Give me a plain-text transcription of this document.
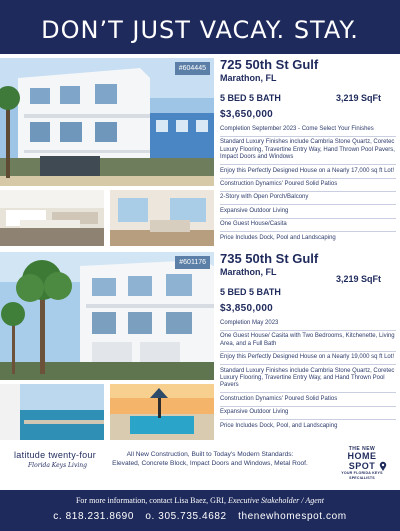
DON’T JUST VACAY. STAY.
#604445	725 50th St Gulf
Marathon, FL
5 BED 5 BATH	3,219 SqFt
$3,650,000
Completion September 2023 - Come Select Your Finishes
Standard Luxury Finishes include Cambria Stone Quartz, Coretec Luxury Flooring, Travertine Entry Way, Hand Thrown Pool Pavers, Impact Doors and Windows
Enjoy this Perfectly Designed House on a Nearly 17,000 sq ft Lot!
Construction Dynamics' Poured Solid Patios
2-Story with Open Porch/Balcony
Expansive Outdoor Living
One Guest House/Casita
Price Includes Dock, Pool and Landscaping
#601176	735 50th St Gulf
Marathon, FL
5 BED 5 BATH
3,219 SqFt
$3,850,000
Completion May 2023
One Guest House/ Casita with Two Bedrooms, Kitchenette, Living Area, and a Full Bath
Enjoy this Perfectly Designed House on a Nearly 19,000 sq ft Lot!
Standard Luxury Finishes include Cambria Stone Quartz, Coretec Luxury Flooring, Travertine Entry Way, and Hand Thrown Pool Pavers
Construction Dynamics' Poured Solid Patios
Expansive Outdoor Living
Price Includes Dock, Pool, and Landscaping
latitude twenty-four
Florida Keys Living
All New Construction, Built to Today's Modern Standards:
Elevated, Concrete Block, Impact Doors and Windows, Metal Roof.
THE NEW
HOME
SPOT
YOUR FLORIDA KEYS SPECIALISTS
For more information, contact Lisa Baez, GRI, Executive Stakeholder / Agent
c. 818.231.8690 o. 305.735.4682 thenewhomespot.com
